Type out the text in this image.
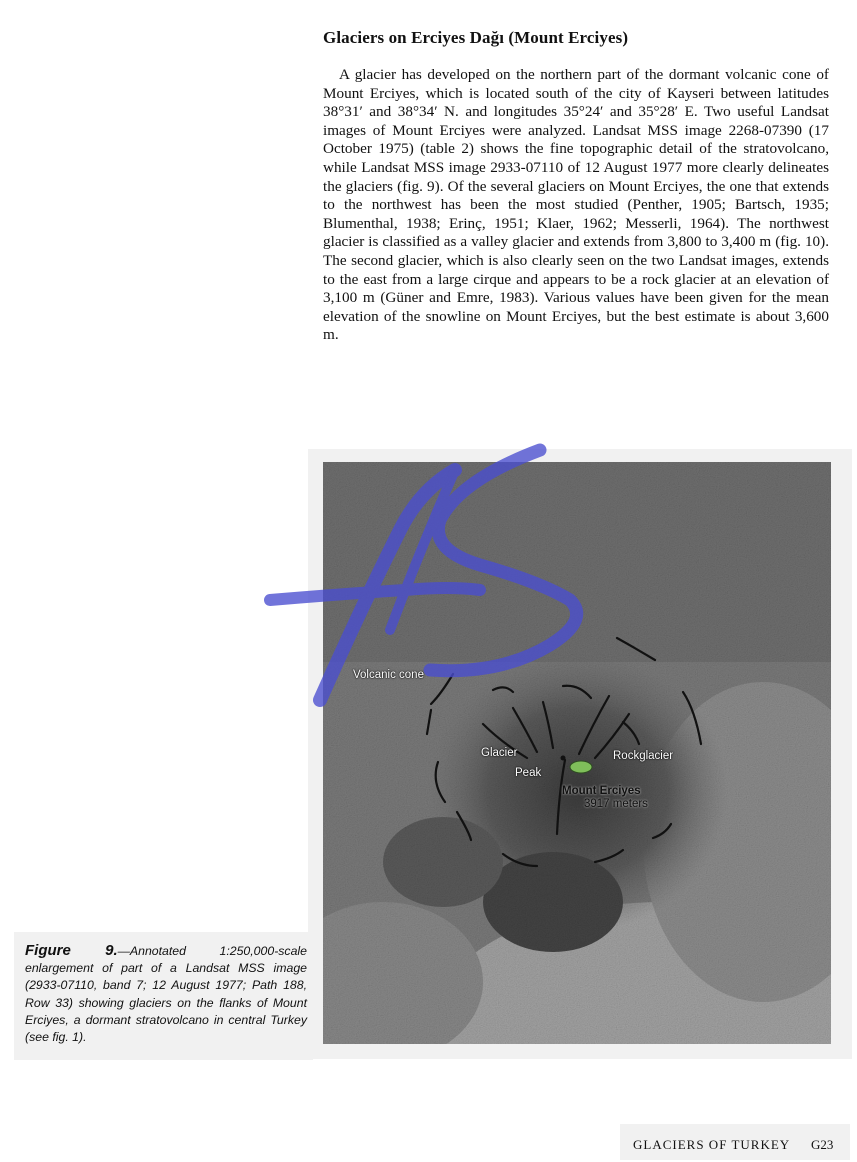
Glaciers on Erciyes Dağı (Mount Erciyes)

A glacier has developed on the northern part of the dormant volcanic cone of Mount Erciyes, which is located south of the city of Kayseri between latitudes 38°31′ and 38°34′ N. and longitudes 35°24′ and 35°28′ E. Two useful Landsat images of Mount Erciyes were analyzed. Landsat MSS image 2268-07390 (17 October 1975) (table 2) shows the fine topographic detail of the stratovolcano, while Landsat MSS image 2933-07110 of 12 August 1977 more clearly delineates the glaciers (fig. 9). Of the several glaciers on Mount Erciyes, the one that extends to the northwest has been the most studied (Penther, 1905; Bartsch, 1935; Blumenthal, 1938; Erinç, 1951; Klaer, 1962; Messerli, 1964). The northwest glacier is classified as a valley glacier and extends from 3,800 to 3,400 m (fig. 10). The second glacier, which is also clearly seen on the two Landsat images, extends to the east from a large cirque and appears to be a rock glacier at an elevation of 3,100 m (Güner and Emre, 1983). Various values have been given for the mean elevation of the snowline on Mount Erciyes, but the best estimate is about 3,600 m.

Volcanic cone
Glacier
Peak
Rockglacier
Mount Erciyes
3917 meters

Figure 9.—Annotated 1:250,000-scale enlargement of part of a Landsat MSS image (2933-07110, band 7; 12 August 1977; Path 188, Row 33) showing glaciers on the flanks of Mount Erciyes, a dormant stratovolcano in central Turkey (see fig. 1).

GLACIERS OF TURKEY G23
